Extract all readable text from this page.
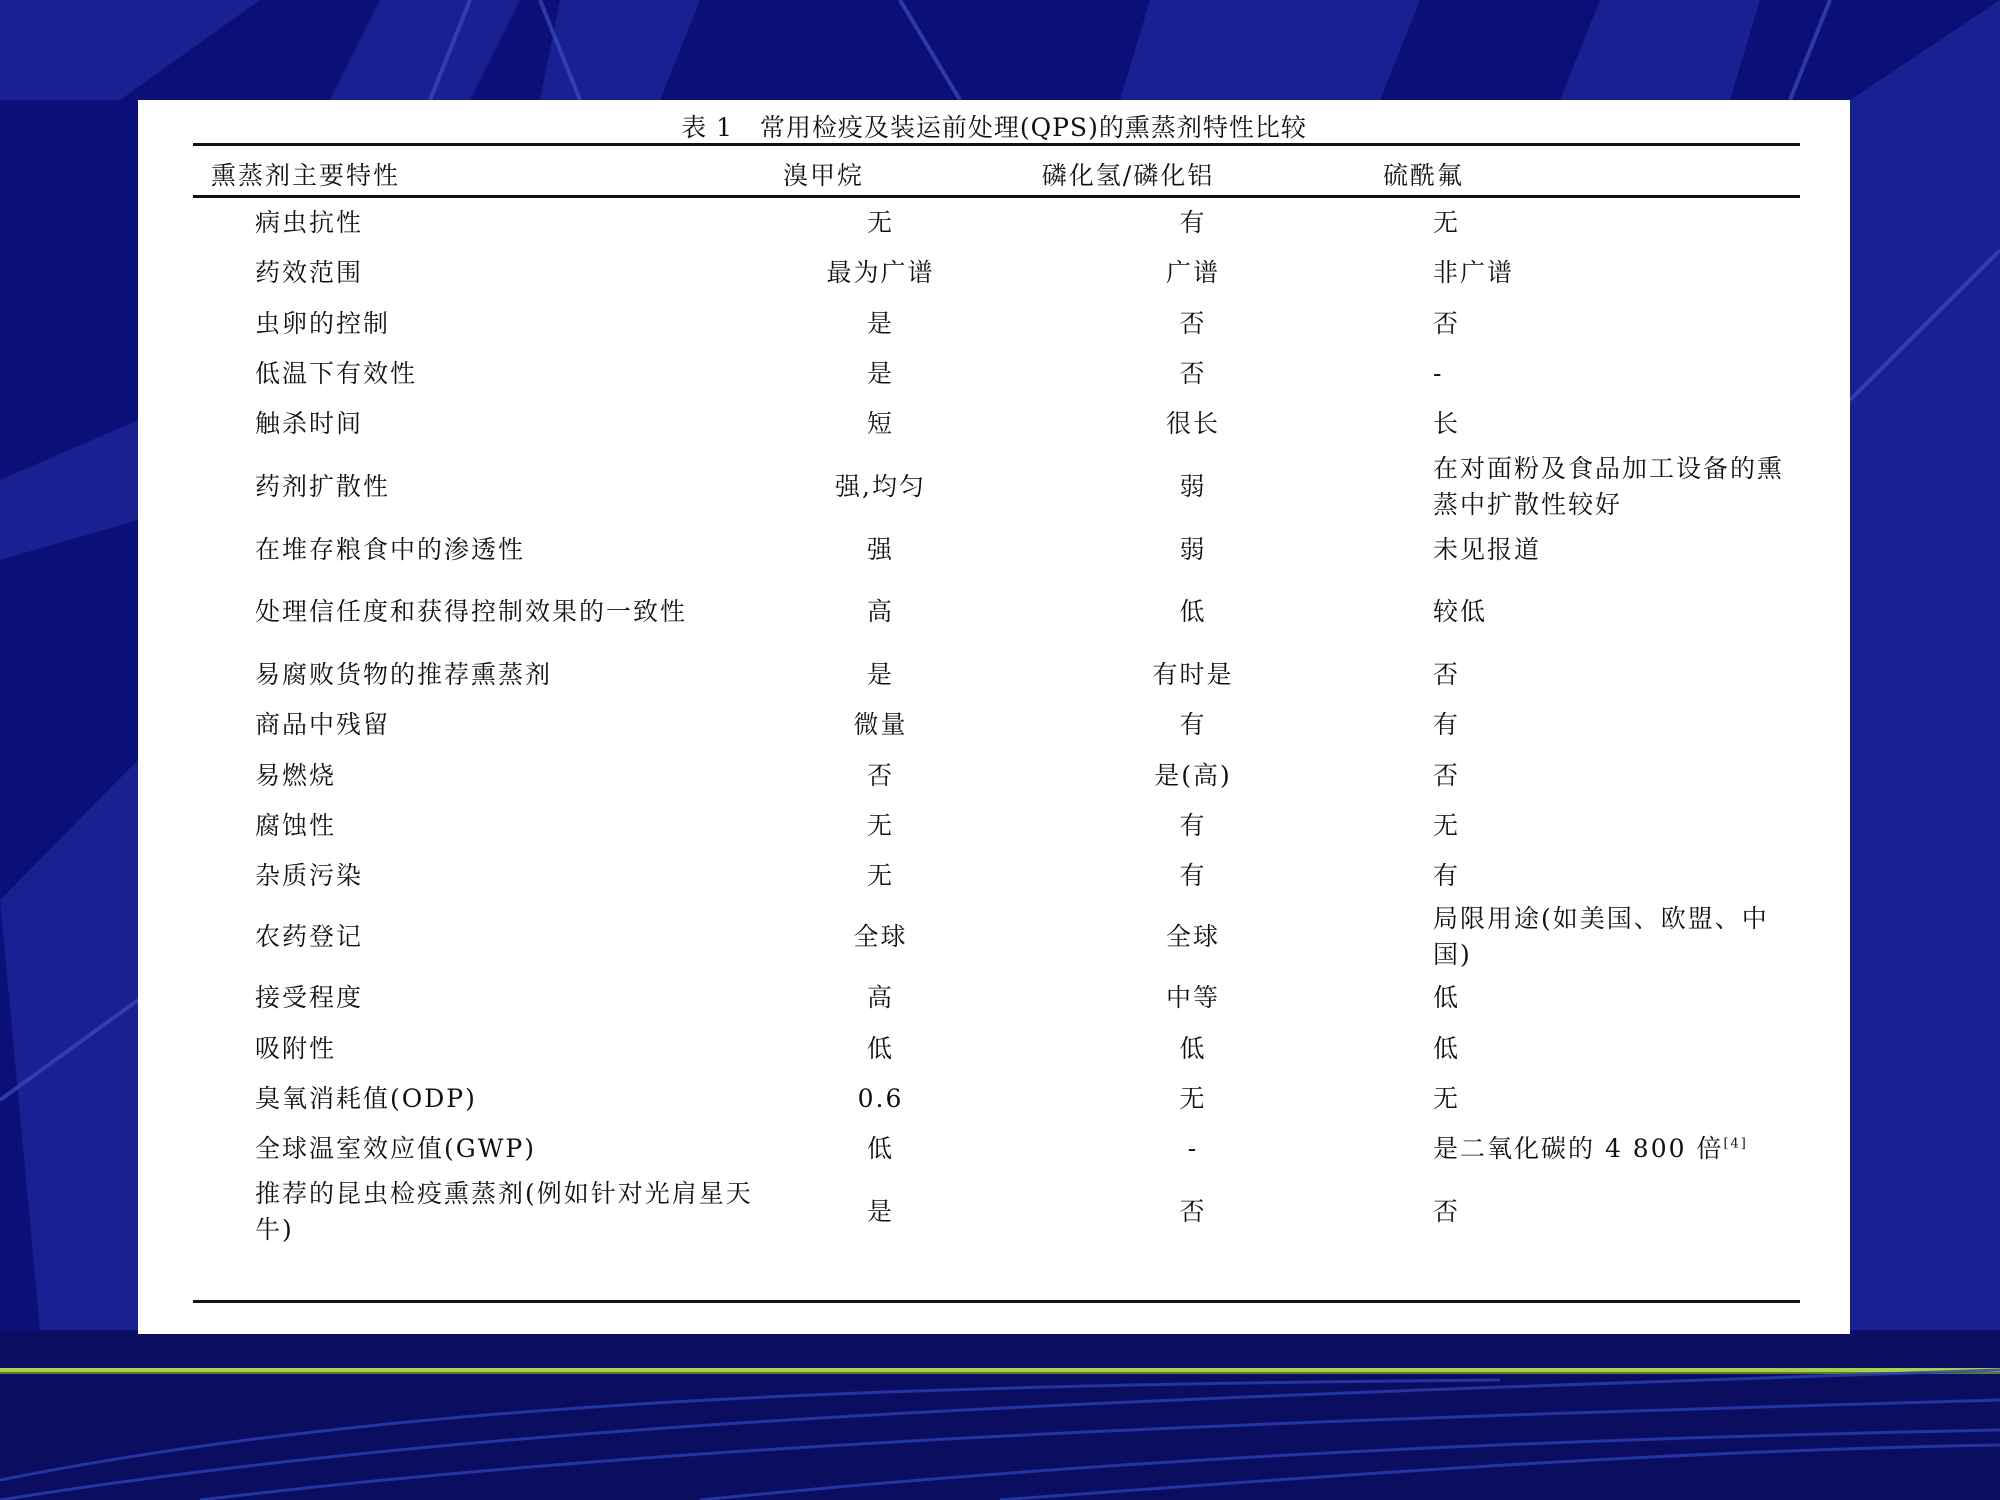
表 1   常用检疫及装运前处理(QPS)的熏蒸剂特性比较
熏蒸剂主要特性	溴甲烷	磷化氢/磷化铝	硫酰氟
病虫抗性	无	有	无
药效范围	最为广谱	广谱	非广谱
虫卵的控制	是	否	否
低温下有效性	是	否	-
触杀时间	短	很长	长
药剂扩散性	强,均匀	弱	在对面粉及食品加工设备的熏蒸中扩散性较好
在堆存粮食中的渗透性	强	弱	未见报道
处理信任度和获得控制效果的一致性	高	低	较低
易腐败货物的推荐熏蒸剂	是	有时是	否
商品中残留	微量	有	有
易燃烧	否	是(高)	否
腐蚀性	无	有	无
杂质污染	无	有	有
农药登记	全球	全球	局限用途(如美国、欧盟、中国)
接受程度	高	中等	低
吸附性	低	低	低
臭氧消耗值(ODP)	0.6	无	无
全球温室效应值(GWP)	低	-	是二氧化碳的 4 800 倍[4]
推荐的昆虫检疫熏蒸剂(例如针对光肩星天牛)	是	否	否
